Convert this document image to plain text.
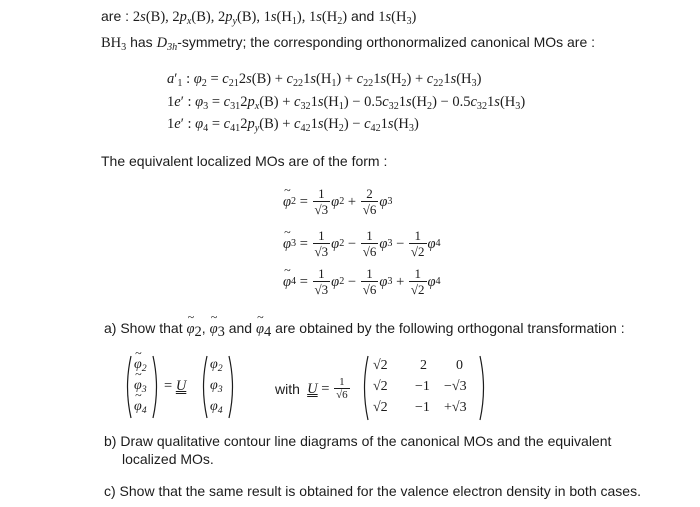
are : 2s(B), $2p_x(B)$, $2p_y(B)$, $1s(H_1)$, $1s(H_2)$ and $1s(H_3)$
$BH_3$ has $D_{3h}$-symmetry; the corresponding orthonormalized canonical MOs are :
$a'_1$ : $\varphi_2 = c_{21}2s(B) + c_{22}1s(H_1) + c_{22}1s(H_2) + c_{22}1s(H_3)$
1e′ : $\varphi_3 = c_{31}2p_x(B) + c_{32}1s(H_1) - 0.5c_{32}1s(H_2) - 0.5c_{32}1s(H_3)$
1e′ : $\varphi_4 = c_{41}2p_y(B) + c_{42}1s(H_2) - c_{42}1s(H_3)$
The equivalent localized MOs are of the form :
~ φ $2 = \frac{1}{√3}$ φ $2 + \frac{2}{√6}$ φ 3
~ φ $3 = \frac{1}{√3}$ φ $2 - \frac{1}{√6}$ φ $3 - \frac{1}{√2}$ φ 4
~ φ $4 = \frac{1}{√3}$ φ $2 - \frac{1}{√6}$ φ $3 + \frac{1}{√2}$ φ 4
a) Show that ~ $\varphi_2$, ~ $\varphi_3$ and ~ $\varphi_4$ are obtained by the following orthogonal transformation :
~ $\varphi_2$
~ $\varphi_3$
~ $\varphi_4$
= U
$\varphi_2$
$\varphi_3$
$\varphi_4$
with
$U = \frac{1}{√6}$
√2 2 0
√2 −1 −√3
√2 −1 +√3
b) Draw qualitative contour line diagrams of the canonical MOs and the equivalent
localized MOs.
c) Show that the same result is obtained for the valence electron density in both cases.
